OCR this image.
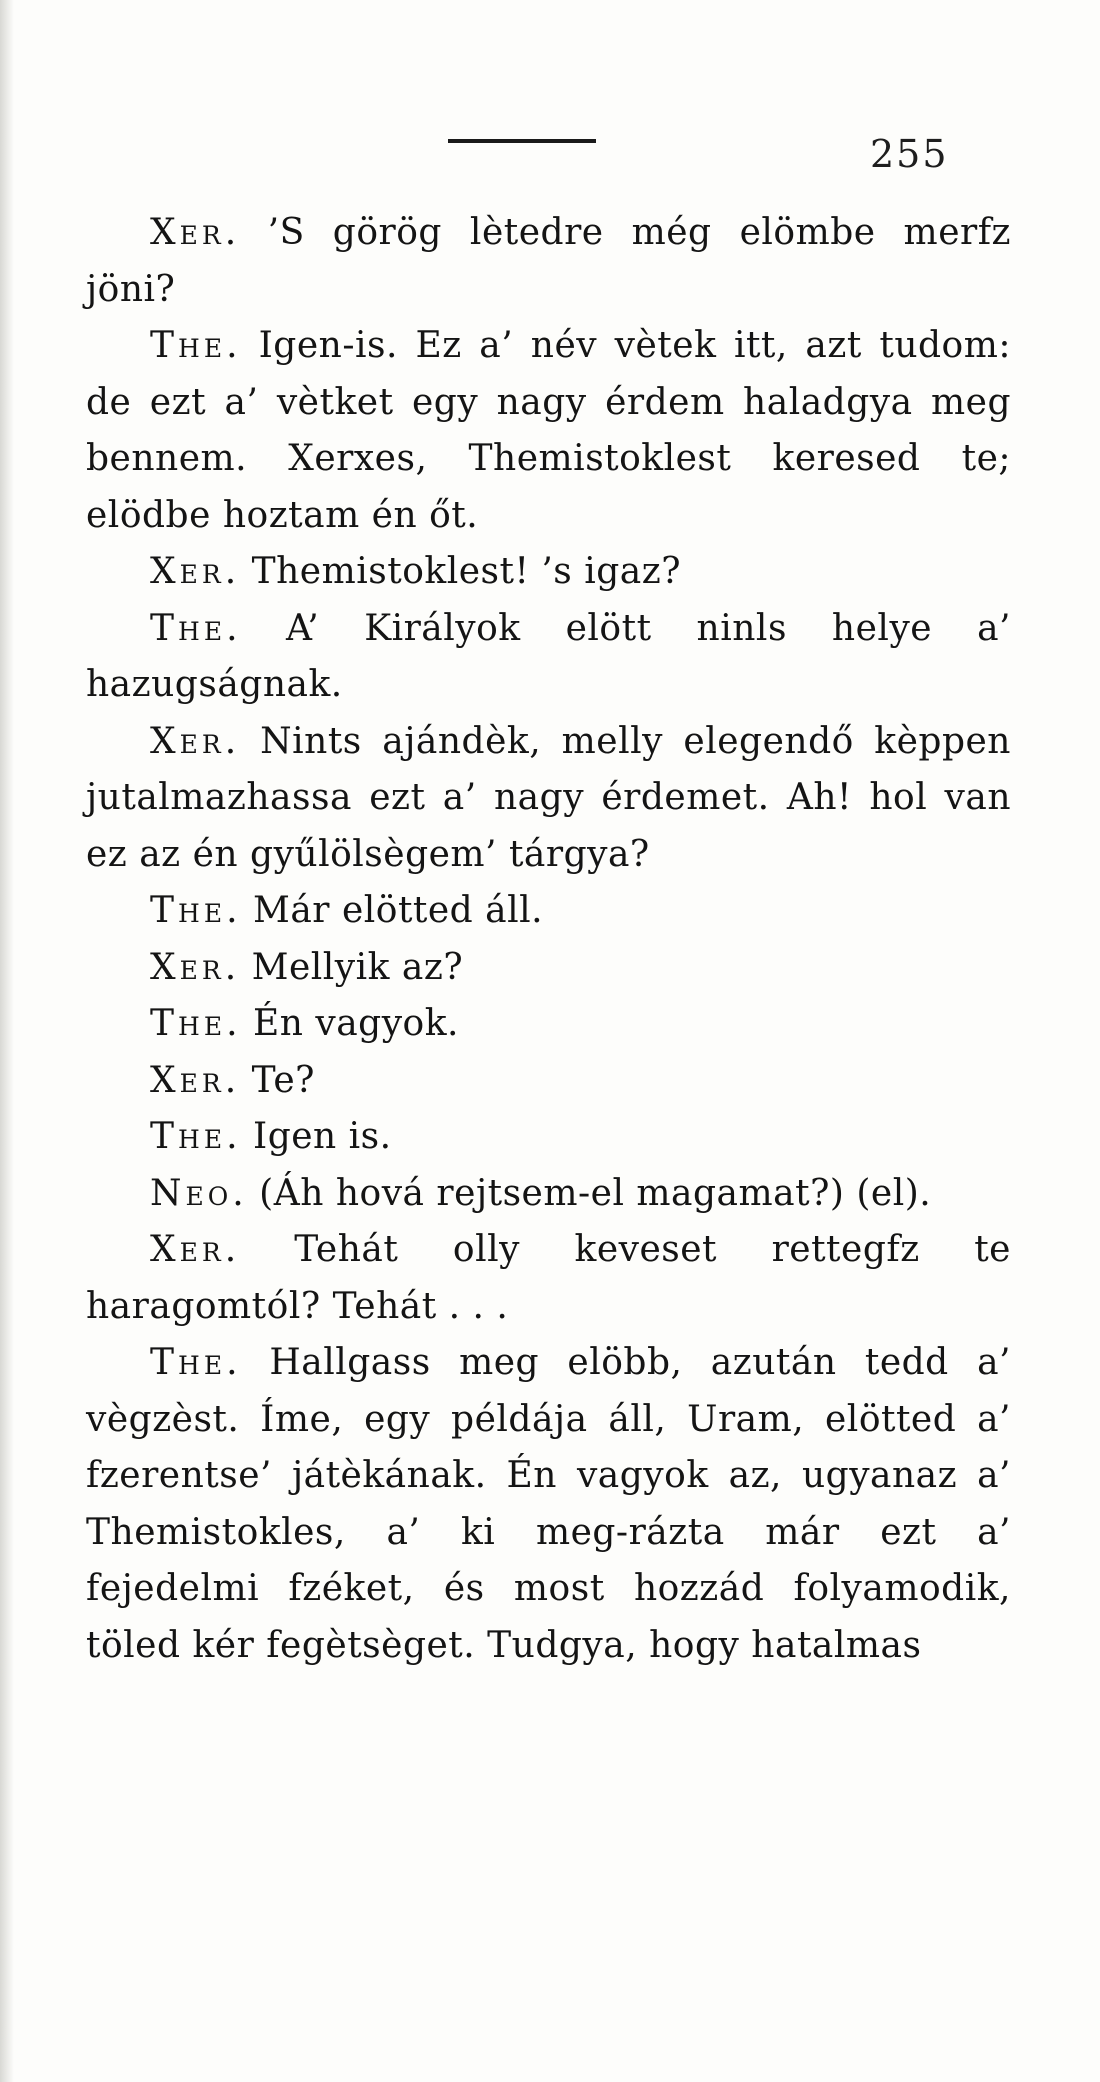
255

Xer. ’S görög lètedre még elömbe merfz jöni?

The. Igen-is. Ez a’ név vètek itt, azt tudom: de ezt a’ vètket egy nagy érdem haladgya meg bennem. Xerxes, Themistoklest keresed te; elödbe hoztam én őt.

Xer. Themistoklest! ’s igaz?

The. A’ Királyok elött ninls helye a’ hazugságnak.

Xer. Nints ajándèk, melly elegendő kèppen jutalmazhassa ezt a’ nagy érdemet. Ah! hol van ez az én gyűlölsègem’ tárgya?

The. Már elötted áll.

Xer. Mellyik az?

The. Én vagyok.

Xer. Te?

The. Igen is.

Neo. (Áh hová rejtsem-el magamat?) (el).

Xer. Tehát olly keveset rettegfz te haragomtól? Tehát . . .

The. Hallgass meg elöbb, azután tedd a’ vègzèst. Íme, egy példája áll, Uram, elötted a’ fzerentse’ játèkának. Én vagyok az, ugyanaz a’ Themistokles, a’ ki meg-rázta már ezt a’ fejedelmi fzéket, és most hozzád folyamodik, töled kér fegètsèget. Tudgya, hogy hatalmas
